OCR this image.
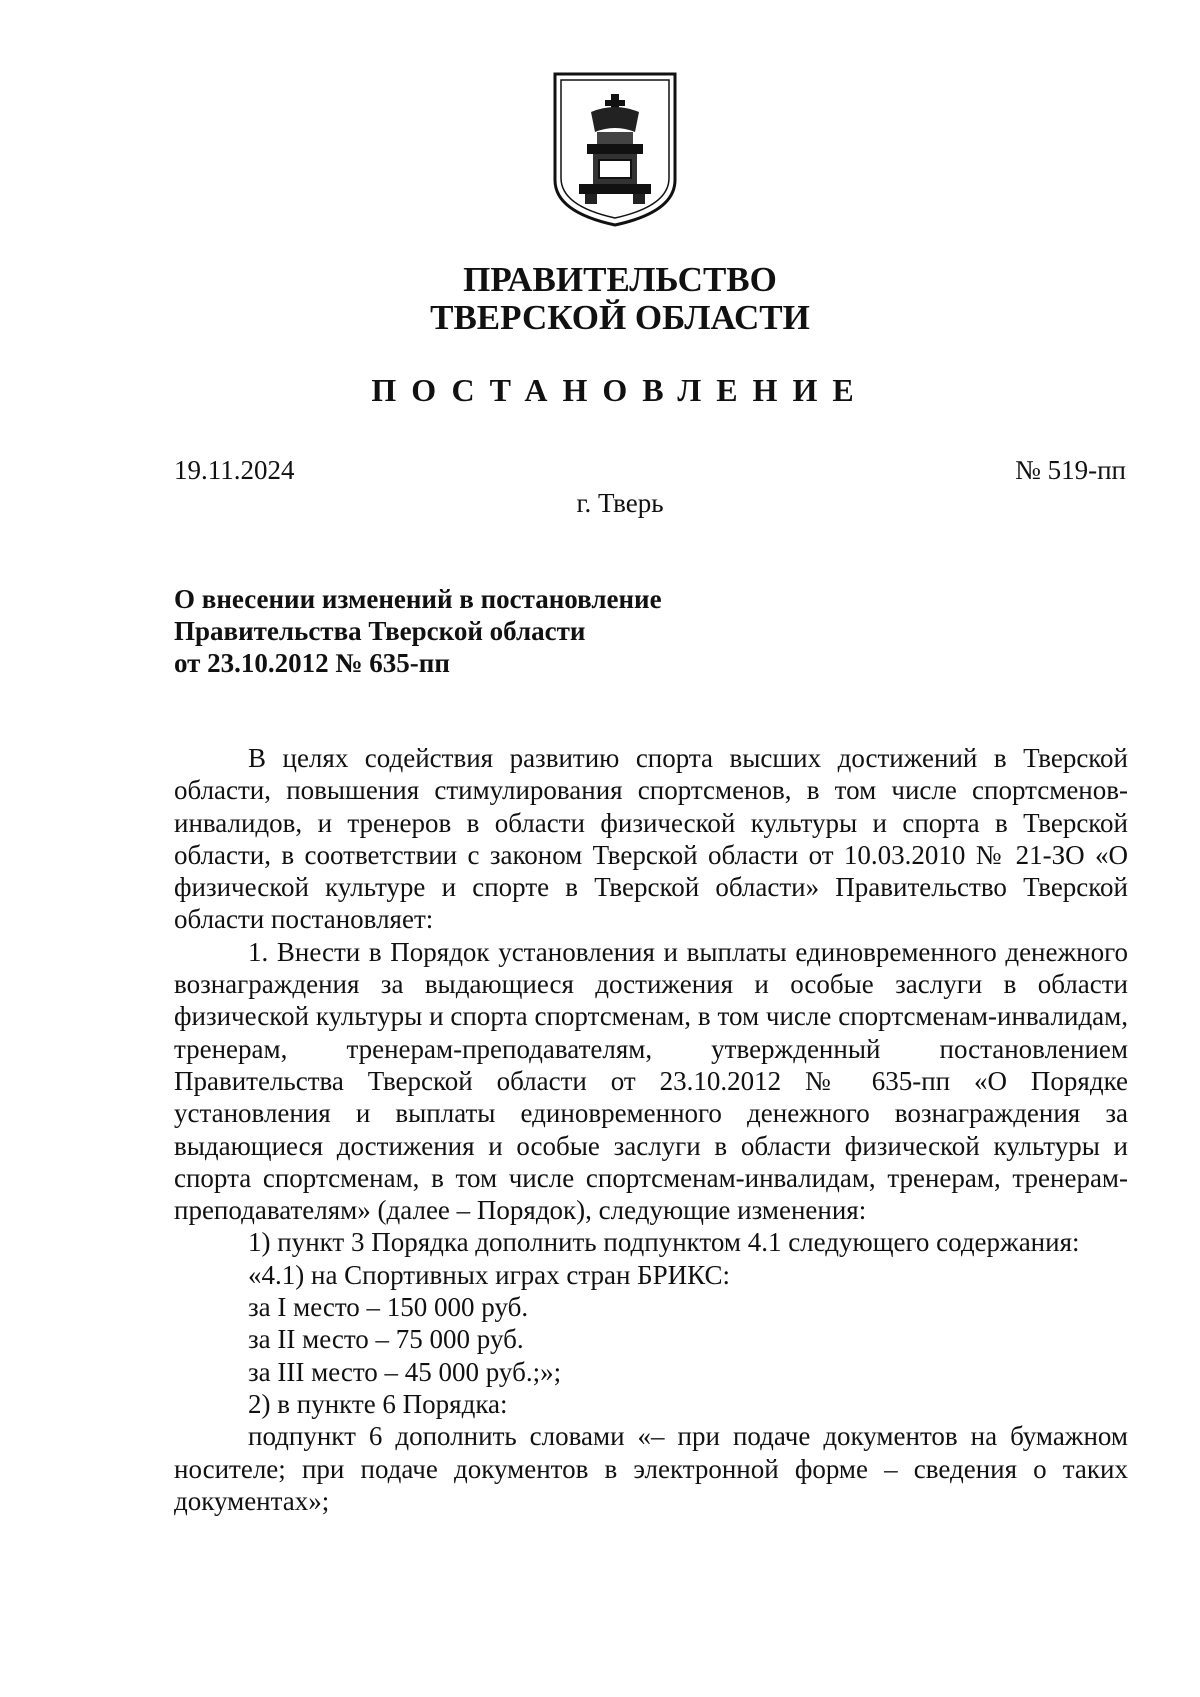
ПРАВИТЕЛЬСТВО
ТВЕРСКОЙ ОБЛАСТИ
ПОСТАНОВЛЕНИЕ
19.11.2024	№ 519-пп
г. Тверь
О внесении изменений в постановление
Правительства Тверской области
от 23.10.2012 № 635-пп

В целях содействия развитию спорта высших достижений в Тверской области, повышения стимулирования спортсменов, в том числе спортсменов-инвалидов, и тренеров в области физической культуры и спорта в Тверской области, в соответствии с законом Тверской области от 10.03.2010 № 21-ЗО «О физической культуре и спорте в Тверской области» Правительство Тверской области постановляет:

1. Внести в Порядок установления и выплаты единовременного денежного вознаграждения за выдающиеся достижения и особые заслуги в области физической культуры и спорта спортсменам, в том числе спортсменам-инвалидам, тренерам, тренерам-преподавателям, утвержденный постановлением Правительства Тверской области от 23.10.2012 № 635-пп «О Порядке установления и выплаты единовременного денежного вознаграждения за выдающиеся достижения и особые заслуги в области физической культуры и спорта спортсменам, в том числе спортсменам-инвалидам, тренерам, тренерам-преподавателям» (далее – Порядок), следующие изменения:

1) пункт 3 Порядка дополнить подпунктом 4.1 следующего содержания:

«4.1) на Спортивных играх стран БРИКС:

за I место – 150 000 руб.

за II место – 75 000 руб.

за III место – 45 000 руб.;»;

2) в пункте 6 Порядка:

подпункт 6 дополнить словами «– при подаче документов на бумажном носителе; при подаче документов в электронной форме – сведения о таких документах»;
